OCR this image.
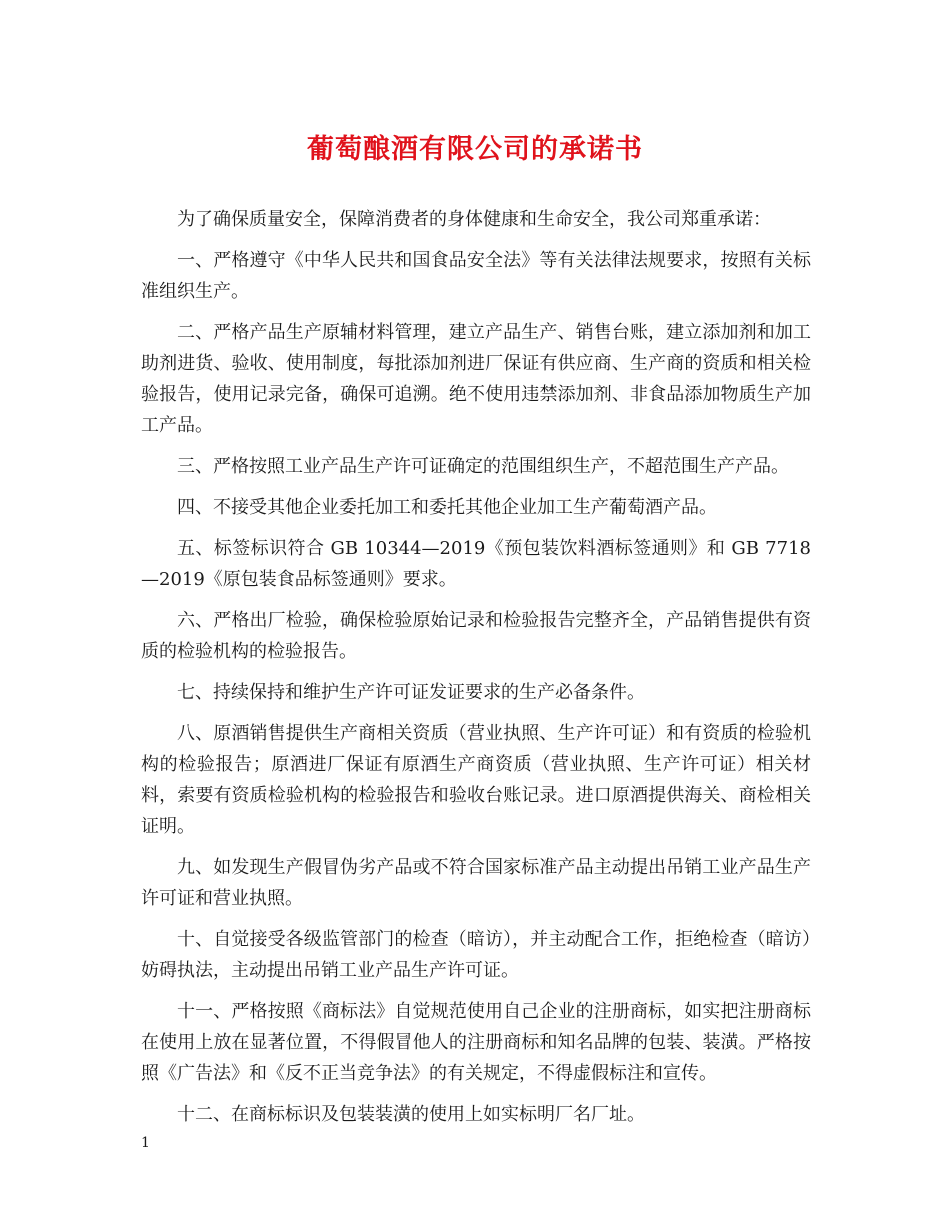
葡萄酿酒有限公司的承诺书

为了确保质量安全，保障消费者的身体健康和生命安全，我公司郑重承诺：

一、严格遵守《中华人民共和国食品安全法》等有关法律法规要求，按照有关标准组织生产。

二、严格产品生产原辅材料管理，建立产品生产、销售台账，建立添加剂和加工助剂进货、验收、使用制度，每批添加剂进厂保证有供应商、生产商的资质和相关检验报告，使用记录完备，确保可追溯。绝不使用违禁添加剂、非食品添加物质生产加工产品。

三、严格按照工业产品生产许可证确定的范围组织生产，不超范围生产产品。

四、不接受其他企业委托加工和委托其他企业加工生产葡萄酒产品。

五、标签标识符合 GB 10344—2019《预包装饮料酒标签通则》和 GB 7718—2019《原包装食品标签通则》要求。

六、严格出厂检验，确保检验原始记录和检验报告完整齐全，产品销售提供有资质的检验机构的检验报告。

七、持续保持和维护生产许可证发证要求的生产必备条件。

八、原酒销售提供生产商相关资质（营业执照、生产许可证）和有资质的检验机构的检验报告；原酒进厂保证有原酒生产商资质（营业执照、生产许可证）相关材料，索要有资质检验机构的检验报告和验收台账记录。进口原酒提供海关、商检相关证明。

九、如发现生产假冒伪劣产品或不符合国家标准产品主动提出吊销工业产品生产许可证和营业执照。

十、自觉接受各级监管部门的检查（暗访），并主动配合工作，拒绝检查（暗访）妨碍执法，主动提出吊销工业产品生产许可证。

十一、严格按照《商标法》自觉规范使用自己企业的注册商标，如实把注册商标在使用上放在显著位置，不得假冒他人的注册商标和知名品牌的包装、装潢。严格按照《广告法》和《反不正当竞争法》的有关规定，不得虚假标注和宣传。

十二、在商标标识及包装装潢的使用上如实标明厂名厂址。

1
